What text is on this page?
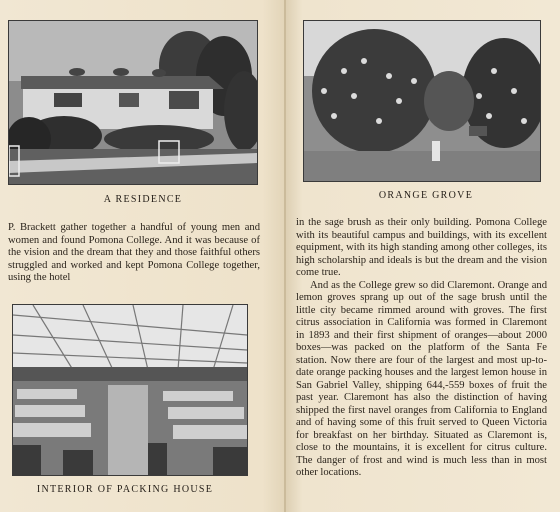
A RESIDENCE

P. Brackett gather together a handful of young men and women and found Pomona College. And it was because of the vision and the dream that they and those faithful others struggled and worked and kept Pomona College together, using the hotel

INTERIOR OF PACKING HOUSE

ORANGE GROVE

in the sage brush as their only building. Pomona College with its beautiful campus and buildings, with its excellent equipment, with its high standing among other colleges, its high scholarship and ideals is but the dream and the vision come true.

And as the College grew so did Claremont. Orange and lemon groves sprang up out of the sage brush until the little city became rimmed around with groves. The first citrus association in California was formed in Claremont in 1893 and their first shipment of oranges—about 2000 boxes—was packed on the platform of the Santa Fe station. Now there are four of the largest and most up-to-date orange packing houses and the largest lemon house in San Gabriel Valley, shipping 644,-559 boxes of fruit the past year. Claremont has also the distinction of having shipped the first navel oranges from California to England and of having some of this fruit served to Queen Victoria for breakfast on her birthday. Situated as Claremont is, close to the mountains, it is excellent for citrus culture. The danger of frost and wind is much less than in most other locations.
